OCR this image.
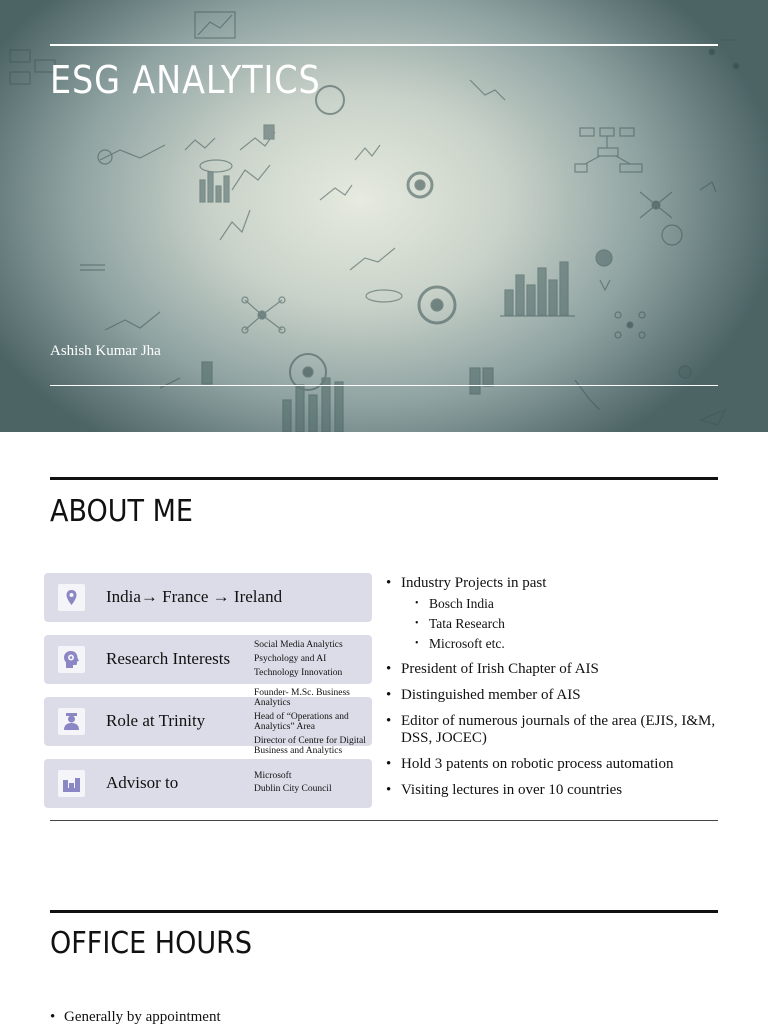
ESG ANALYTICS
Ashish Kumar Jha
ABOUT ME
India→ France → Ireland
Research Interests
Social Media Analytics
Psychology and AI
Technology Innovation
Role at Trinity
Founder- M.Sc. Business Analytics
Head of “Operations and Analytics” Area
Director of Centre for Digital Business and Analytics
Advisor to	Microsoft
Dublin City Council
• Industry Projects in past
• Bosch India
• Tata Research
• Microsoft etc.
• President of Irish Chapter of AIS
• Distinguished member of AIS
• Editor of numerous journals of the area (EJIS, I&M, DSS, JOCEC)
• Hold 3 patents on robotic process automation
• Visiting lectures in over 10 countries
OFFICE HOURS
• Generally by appointment
